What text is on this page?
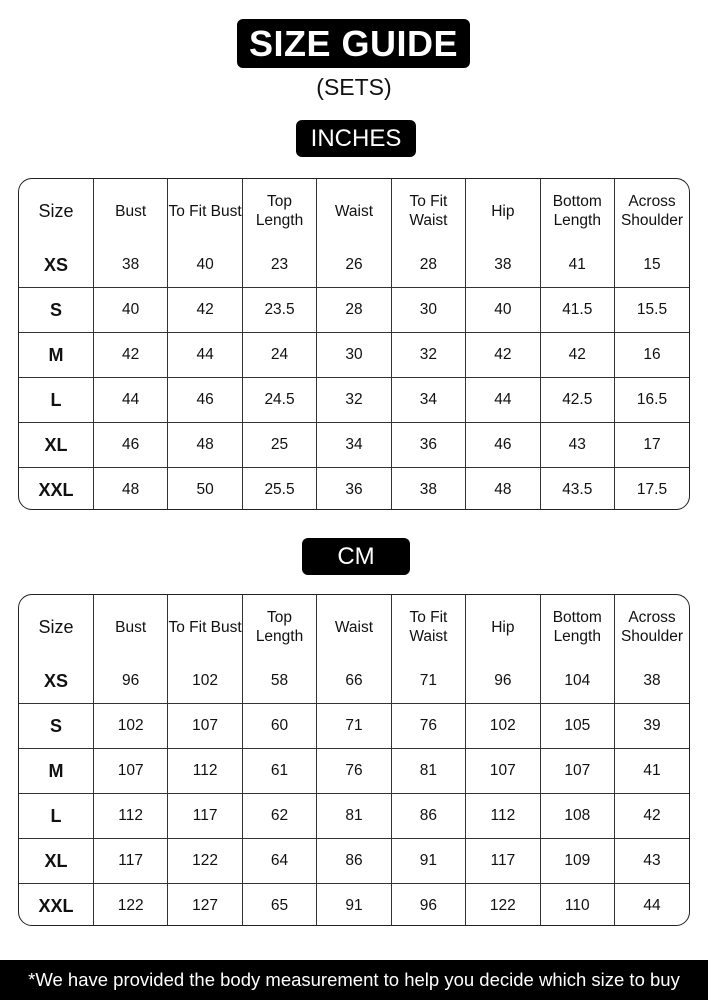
SIZE GUIDE
(SETS)
INCHES
Size	Bust	To Fit Bust	Top Length	Waist	To Fit Waist	Hip	Bottom Length	Across Shoulder
XS	38	40	23	26	28	38	41	15
S	40	42	23.5	28	30	40	41.5	15.5
M	42	44	24	30	32	42	42	16
L	44	46	24.5	32	34	44	42.5	16.5
XL	46	48	25	34	36	46	43	17
XXL	48	50	25.5	36	38	48	43.5	17.5
CM
Size	Bust	To Fit Bust	Top Length	Waist	To Fit Waist	Hip	Bottom Length	Across Shoulder
XS	96	102	58	66	71	96	104	38
S	102	107	60	71	76	102	105	39
M	107	112	61	76	81	107	107	41
L	112	117	62	81	86	112	108	42
XL	117	122	64	86	91	117	109	43
XXL	122	127	65	91	96	122	110	44
*We have provided the body measurement to help you decide which size to buy
